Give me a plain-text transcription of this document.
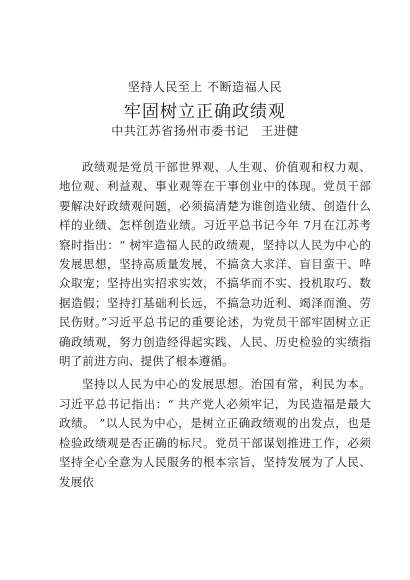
坚持人民至上 不断造福人民
牢固树立正确政绩观
中共江苏省扬州市委书记　王进健

政绩观是党员干部世界观、人生观、价值观和权力观、地位观、利益观、事业观等在干事创业中的体现。党员干部要解决好政绩观问题，必须搞清楚为谁创造业绩、创造什么样的业绩、怎样创造业绩。习近平总书记今年 7月在江苏考察时指出：“ 树牢造福人民的政绩观，坚持以人民为中心的发展思想，坚持高质量发展，不搞贪大求洋、盲目蛮干、哗众取宠；坚持出实招求实效，不搞华而不实、投机取巧、数据造假；坚持打基础利长远，不搞急功近利、竭泽而渔、劳民伤财。”习近平总书记的重要论述，为党员干部牢固树立正确政绩观，努力创造经得起实践、人民、历史检验的实绩指明了前进方向、提供了根本遵循。

坚持以人民为中心的发展思想。治国有常，利民为本。习近平总书记指出：“ 共产党人必须牢记，为民造福是最大政绩。 ”以人民为中心，是树立正确政绩观的出发点，也是检验政绩观是否正确的标尺。党员干部谋划推进工作，必须坚持全心全意为人民服务的根本宗旨，坚持发展为了人民、发展依
